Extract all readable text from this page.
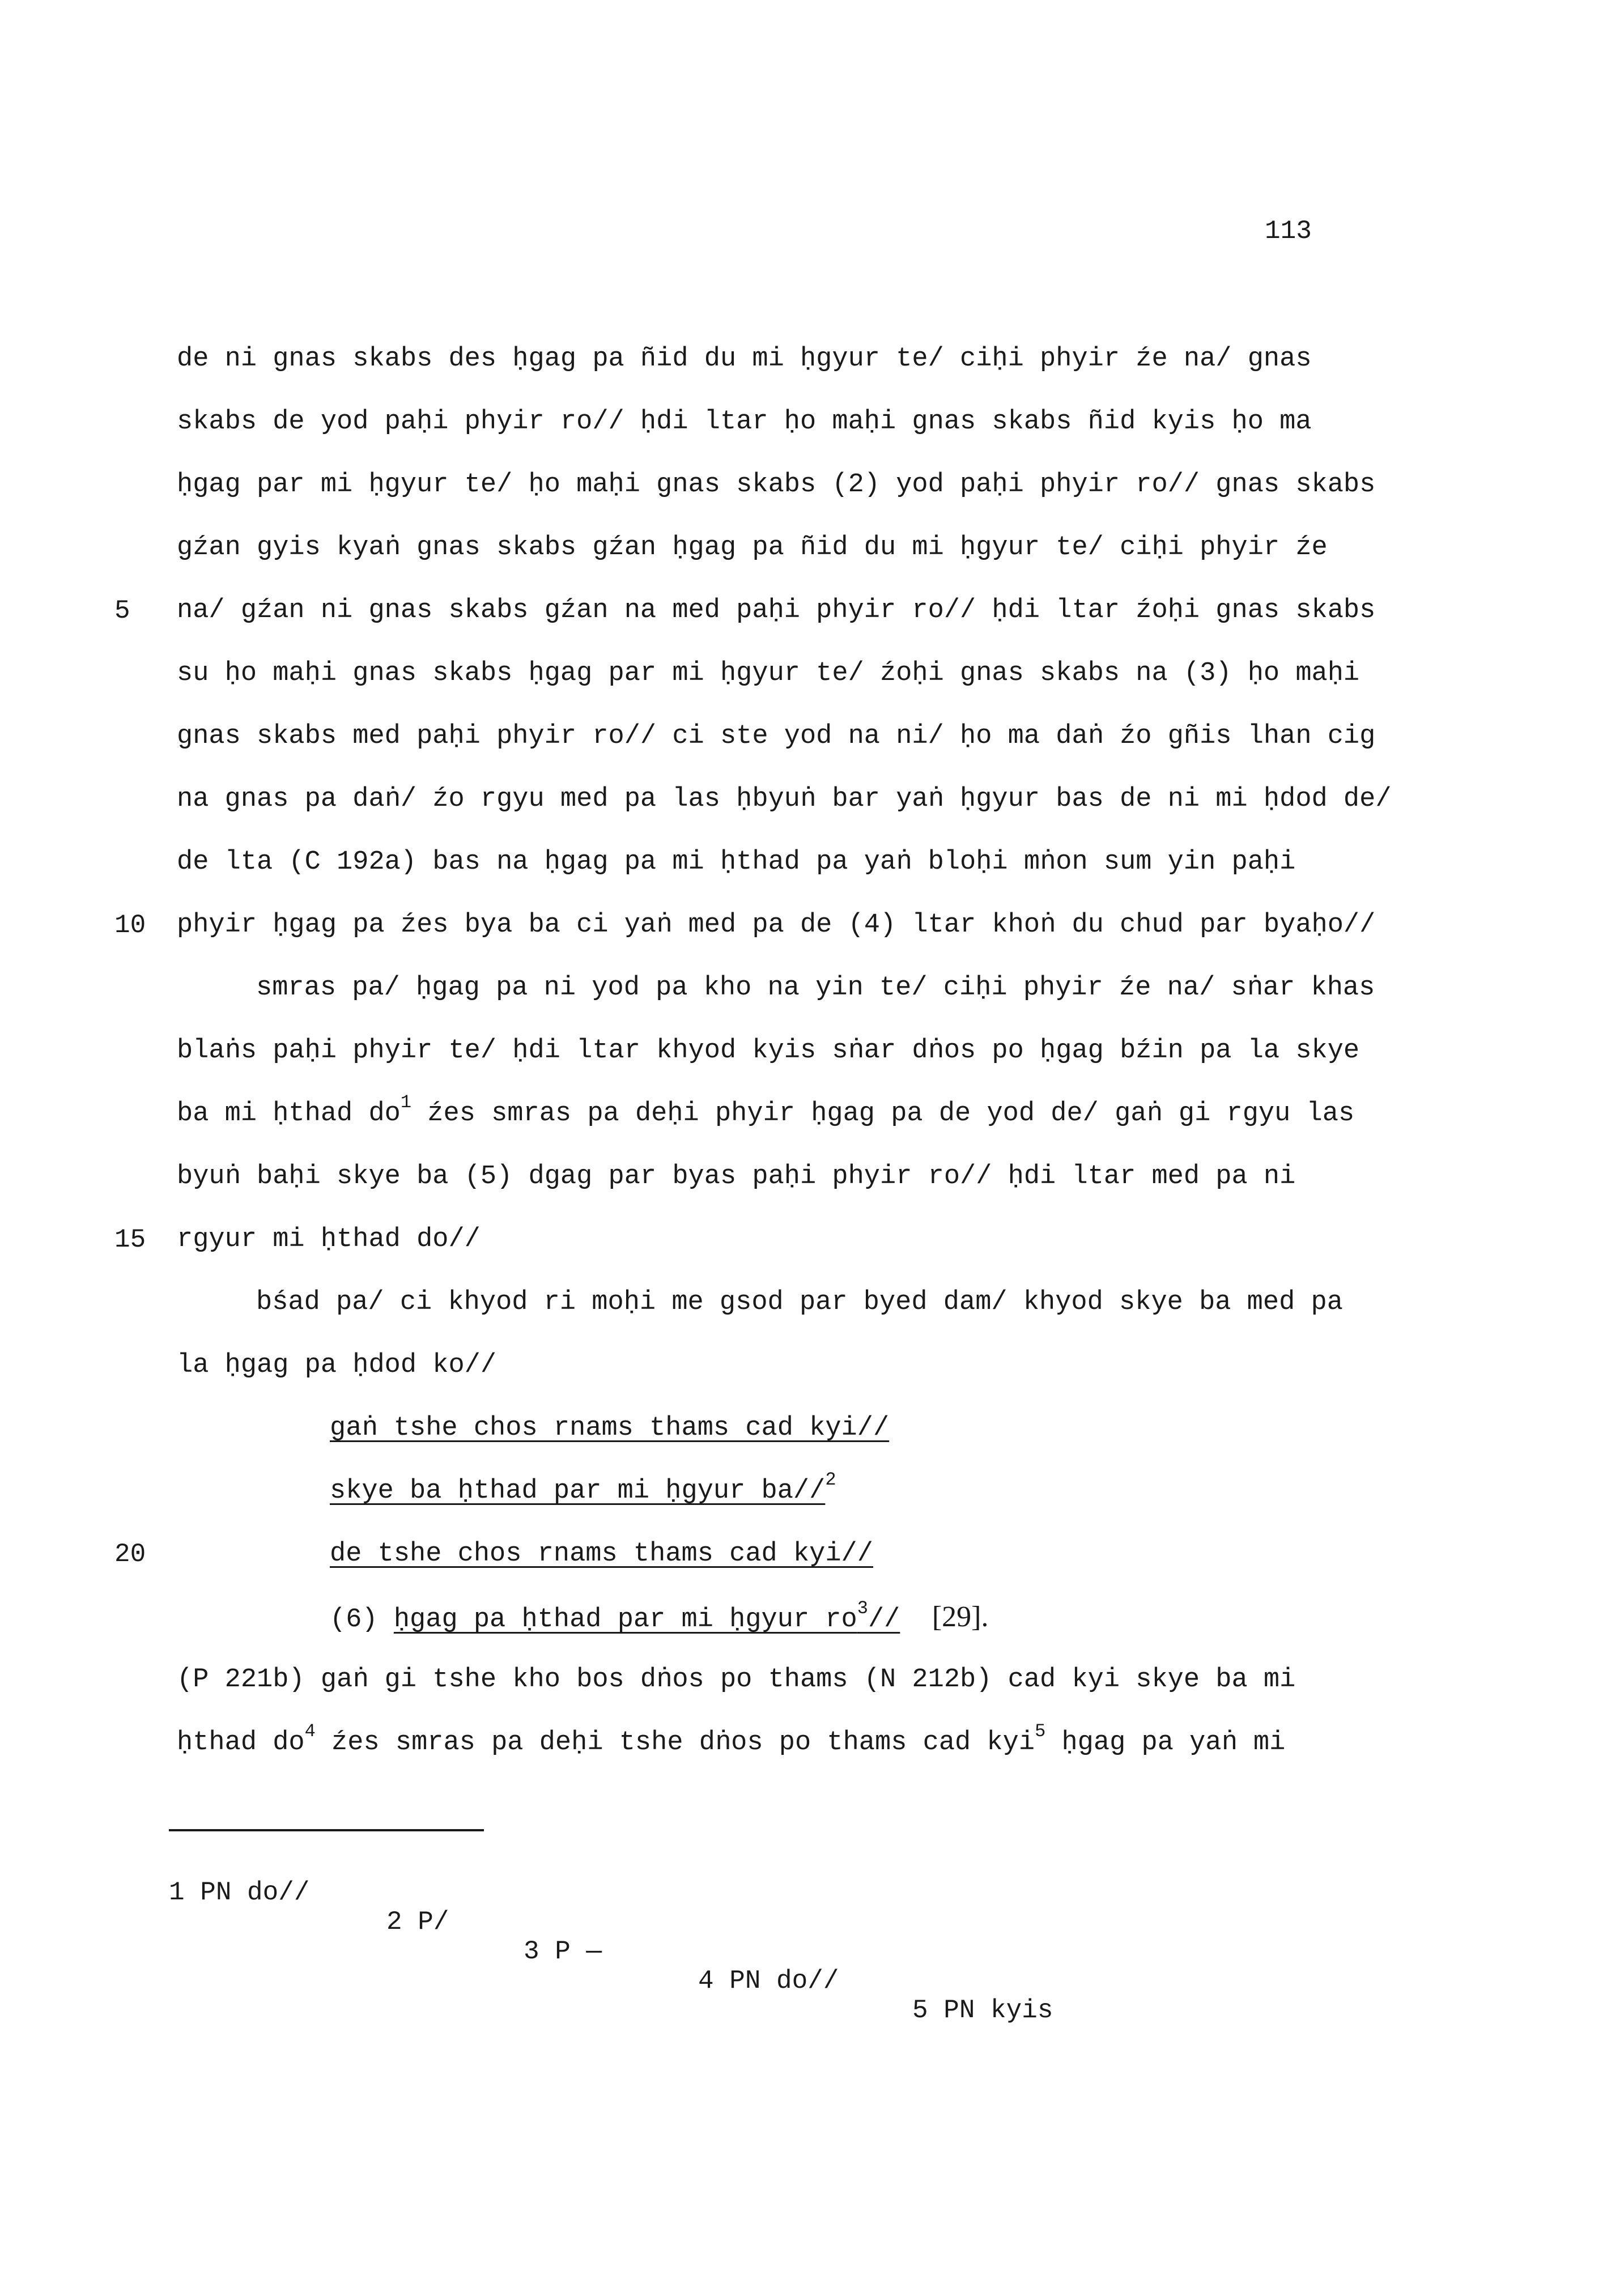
113
de ni gnas skabs des ḥgag pa ñid du mi ḥgyur te/ ciḥi phyir źe na/ gnas
skabs de yod paḥi phyir ro// ḥdi ltar ḥo maḥi gnas skabs ñid kyis ḥo ma
ḥgag par mi ḥgyur te/ ḥo maḥi gnas skabs (2) yod paḥi phyir ro// gnas skabs
gźan gyis kyaṅ gnas skabs gźan ḥgag pa ñid du mi ḥgyur te/ ciḥi phyir źe
5 na/ gźan ni gnas skabs gźan na med paḥi phyir ro// ḥdi ltar źoḥi gnas skabs
su ḥo maḥi gnas skabs ḥgag par mi ḥgyur te/ źoḥi gnas skabs na (3) ḥo maḥi
gnas skabs med paḥi phyir ro// ci ste yod na ni/ ḥo ma daṅ źo gñis lhan cig
na gnas pa daṅ/ źo rgyu med pa las ḥbyuṅ bar yaṅ ḥgyur bas de ni mi ḥdod de/
de lta (C 192a) bas na ḥgag pa mi ḥthad pa yaṅ bloḥi mṅon sum yin paḥi
10 phyir ḥgag pa źes bya ba ci yaṅ med pa de (4) ltar khoṅ du chud par byaḥo//
smras pa/ ḥgag pa ni yod pa kho na yin te/ ciḥi phyir źe na/ sṅar khas
blaṅs paḥi phyir te/ ḥdi ltar khyod kyis sṅar dṅos po ḥgag bźin pa la skye
ba mi ḥthad $do^1$ źes smras pa deḥi phyir ḥgag pa de yod de/ gaṅ gi rgyu las
byuṅ baḥi skye ba (5) dgag par byas paḥi phyir ro// ḥdi ltar med pa ni
15 rgyur mi ḥthad do//
bśad pa/ ci khyod ri moḥi me gsod par byed dam/ khyod skye ba med pa
la ḥgag pa ḥdod ko//
gaṅ tshe chos rnams thams cad kyi//
skye ba ḥthad par mi ḥgyur ba//$^2$
20	de tshe chos rnams thams cad kyi//
(6) ḥgag pa ḥthad par mi ḥgyur $ro^3//$ [29].
(P 221b) gaṅ gi tshe kho bos dṅos po thams (N 212b) cad kyi skye ba mi
ḥthad $do^4$ źes smras pa deḥi tshe dṅos po thams cad kyi$^5$ ḥgag pa yaṅ mi

1 PN do//

2 P/

3 P —

4 PN do//

5 PN kyis
